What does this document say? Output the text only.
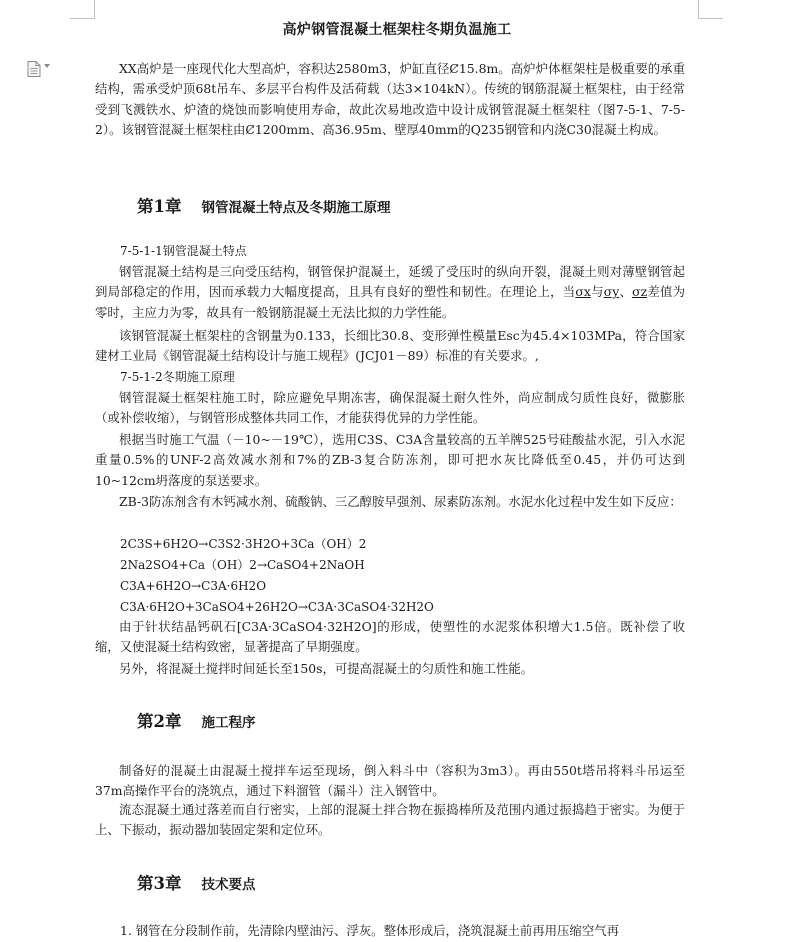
高炉钢管混凝土框架柱冬期负温施工

XX高炉是一座现代化大型高炉，容积达2580m3，炉缸直径Ȼ15.8m。高炉炉体框架柱是极重要的承重结构，需承受炉顶68t吊车、多层平台构件及活荷载（达3×104kN）。传统的钢筋混凝土框架柱，由于经常受到飞溅铁水、炉渣的烧蚀而影响使用寿命，故此次易地改造中设计成钢管混凝土框架柱（图7-5-1、7-5-2）。该钢管混凝土框架柱由Ȼ1200mm、高36.95m、壁厚40mm的Q235钢管和内浇C30混凝土构成。

第1章 钢管混凝土特点及冬期施工原理

7-5-1-1钢管混凝土特点

钢管混凝土结构是三向受压结构，钢管保护混凝土，延缓了受压时的纵向开裂，混凝土则对薄壁钢管起到局部稳定的作用，因而承载力大幅度提高，且具有良好的塑性和韧性。在理论上，当σx与σy、σz差值为零时，主应力为零，故具有一般钢筋混凝土无法比拟的力学性能。

该钢管混凝土框架柱的含钢量为0.133，长细比30.8、变形弹性模量Esc为45.4×103MPa，符合国家建材工业局《钢管混凝土结构设计与施工规程》(JCJ01－89）标准的有关要求。,

7-5-1-2冬期施工原理

钢管混凝土框架柱施工时，除应避免早期冻害，确保混凝土耐久性外，尚应制成匀质性良好，微膨胀（或补偿收缩），与钢管形成整体共同工作，才能获得优异的力学性能。

根据当时施工气温（－10~－19℃），选用C3S、C3A含量较高的五羊牌525号硅酸盐水泥，引入水泥重量0.5%的UNF-2高效减水剂和7%的ZB-3复合防冻剂，即可把水灰比降低至0.45，并仍可达到10~12cm坍落度的泵送要求。

ZB-3防冻剂含有木钙减水剂、硫酸钠、三乙醇胺早强剂、尿素防冻剂。水泥水化过程中发生如下反应：

2C3S+6H2O→C3S2·3H2O+3Ca（OH）2

2Na2SO4+Ca（OH）2→CaSO4+2NaOH

C3A+6H2O→C3A·6H2O

C3A·6H2O+3CaSO4+26H2O→C3A·3CaSO4·32H2O

由于针状结晶钙矾石[C3A·3CaSO4·32H2O]的形成，使塑性的水泥浆体积增大1.5倍。既补偿了收缩，又使混凝土结构致密，显著提高了早期强度。

另外，将混凝土搅拌时间延长至150s，可提高混凝土的匀质性和施工性能。

第2章 施工程序

制备好的混凝土由混凝土搅拌车运至现场，倒入料斗中（容积为3m3）。再由550t塔吊将料斗吊运至37m高操作平台的浇筑点，通过下料溜管（漏斗）注入钢管中。

流态混凝土通过落差而自行密实，上部的混凝土拌合物在振捣棒所及范围内通过振捣趋于密实。为便于上、下振动，振动器加装固定架和定位环。

第3章 技术要点

1. 钢管在分段制作前，先清除内壁油污、浮灰。整体形成后，浇筑混凝土前再用压缩空气再
